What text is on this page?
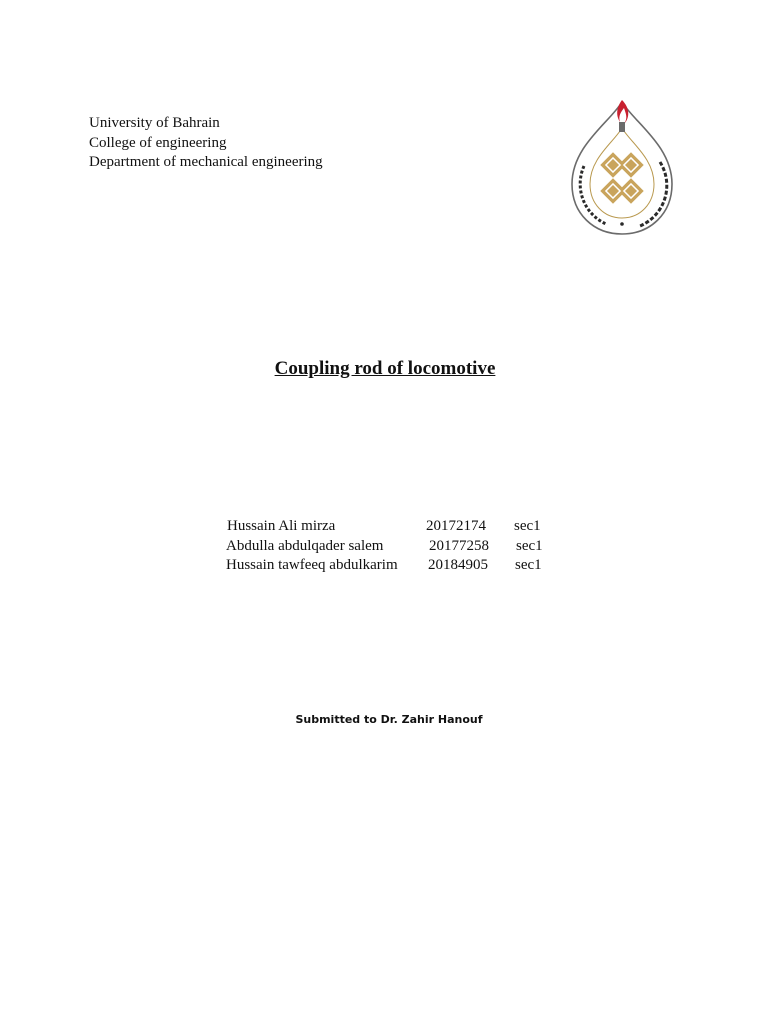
University of Bahrain
College of engineering
Department of mechanical engineering
Coupling rod of locomotive
Hussain Ali mirza	20172174 sec1
Abdulla abdulqader salem	20177258 sec1
Hussain tawfeeq abdulkarim 20184905 sec1
Submitted to Dr. Zahir Hanouf
